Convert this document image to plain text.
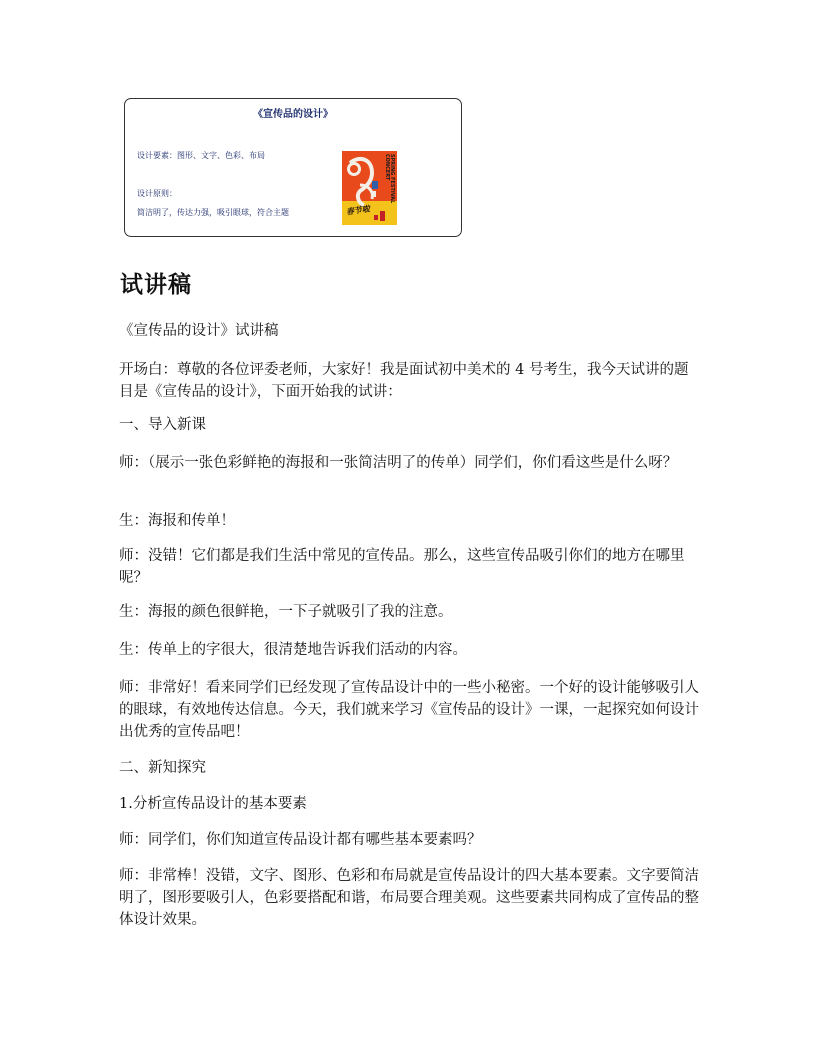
《宣传品的设计》

设计要素：图形、文字、色彩、布局

设计原则：

简洁明了，传达力强，吸引眼球，符合主题

SPRING FESTIVAL CONCERT

春节啦

试讲稿

《宣传品的设计》试讲稿

开场白：尊敬的各位评委老师，大家好！我是面试初中美术的 4 号考生，我今天试讲的题目是《宣传品的设计》，下面开始我的试讲：

一、导入新课

师：（展示一张色彩鲜艳的海报和一张简洁明了的传单）同学们，你们看这些是什么呀？

生：海报和传单！

师：没错！它们都是我们生活中常见的宣传品。那么，这些宣传品吸引你们的地方在哪里呢？

生：海报的颜色很鲜艳，一下子就吸引了我的注意。

生：传单上的字很大，很清楚地告诉我们活动的内容。

师：非常好！看来同学们已经发现了宣传品设计中的一些小秘密。一个好的设计能够吸引人的眼球，有效地传达信息。今天，我们就来学习《宣传品的设计》一课，一起探究如何设计出优秀的宣传品吧！

二、新知探究

1.分析宣传品设计的基本要素

师：同学们，你们知道宣传品设计都有哪些基本要素吗？

师：非常棒！没错，文字、图形、色彩和布局就是宣传品设计的四大基本要素。文字要简洁明了，图形要吸引人，色彩要搭配和谐，布局要合理美观。这些要素共同构成了宣传品的整体设计效果。
